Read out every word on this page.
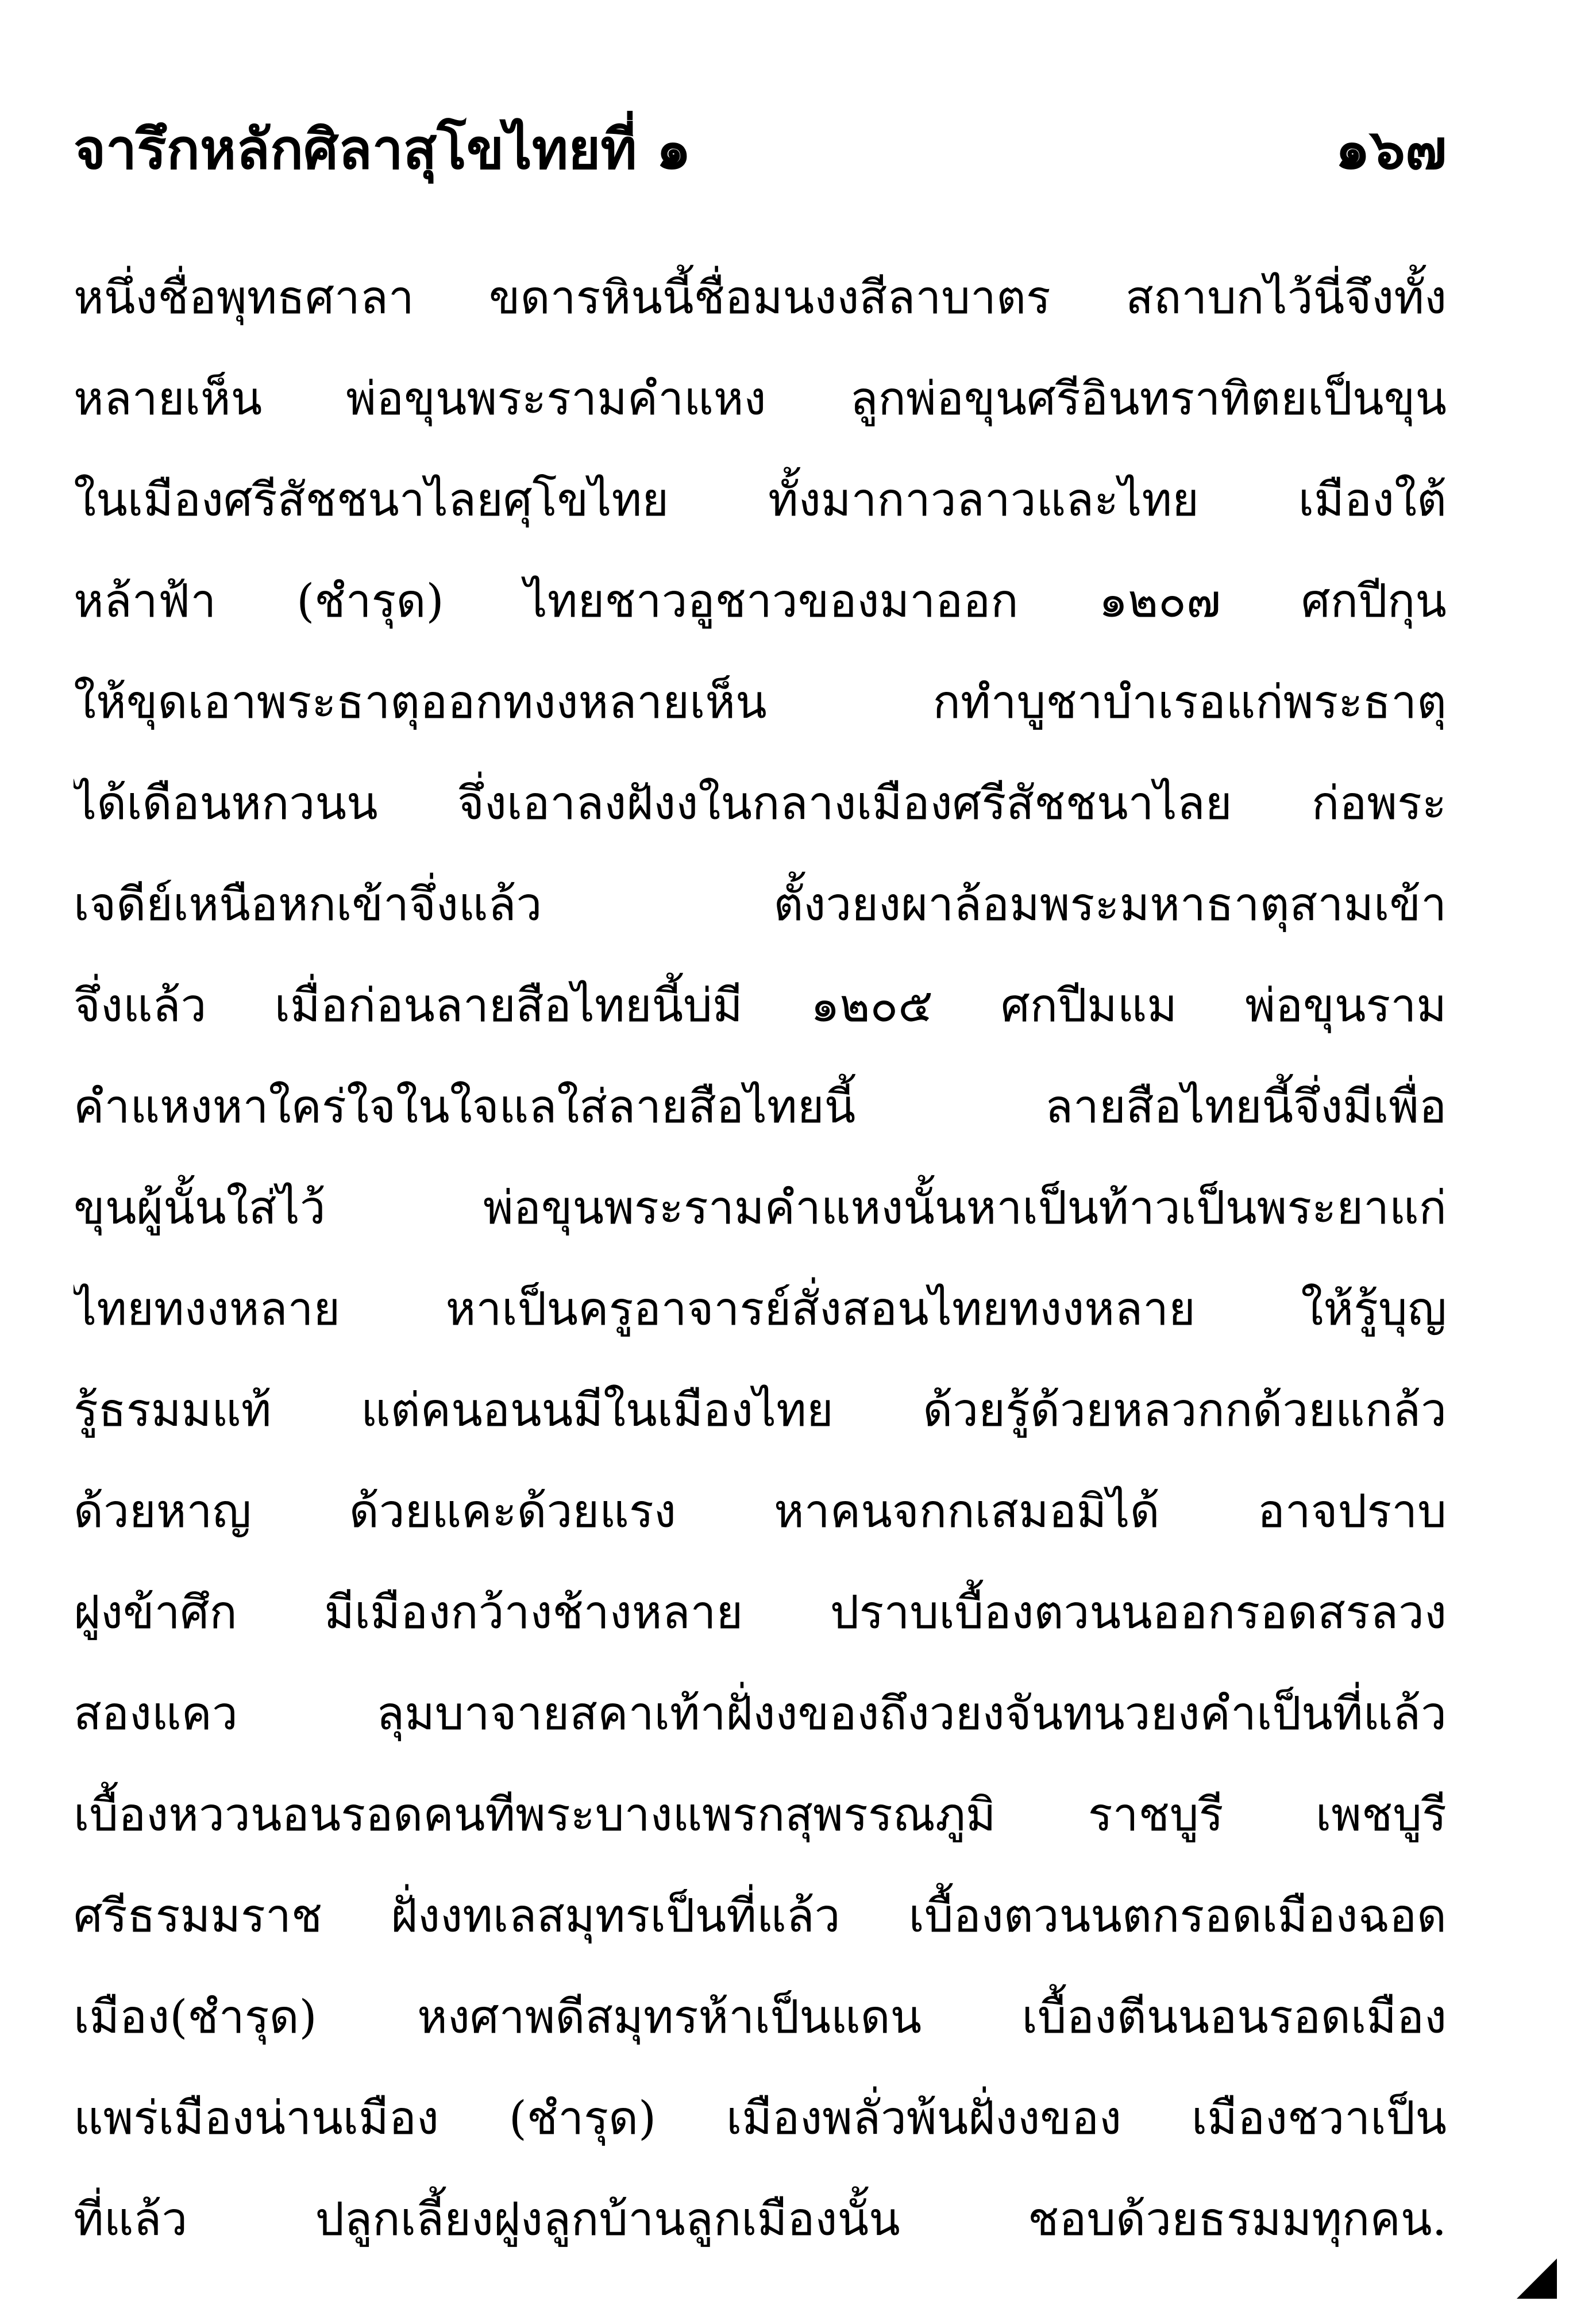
จารึกหลักศิลาสุโขไทยที่ ๑	๑๖๗
หนึ่งชื่อพุทธศาลา ขดารหินนี้ชื่อมนงงสีลาบาตร สถาบกไว้นี่จึงทั้ง
หลายเห็น พ่อขุนพระรามคำแหง ลูกพ่อขุนศรีอินทราทิตยเป็นขุน
ในเมืองศรีสัชชนาไลยศุโขไทย ทั้งมากาวลาวและไทย เมืองใต้
หล้าฟ้า (ชำรุด) ไทยชาวอูชาวของมาออก ๑๒๐๗ ศกปีกุน
ให้ขุดเอาพระธาตุออกทงงหลายเห็น กทำบูชาบำเรอแก่พระธาตุ
ได้เดือนหกวนน จึ่งเอาลงฝังงในกลางเมืองศรีสัชชนาไลย ก่อพระ
เจดีย์เหนือหกเข้าจึ่งแล้ว ตั้งวยงผาล้อมพระมหาธาตุสามเข้า
จึ่งแล้ว เมื่อก่อนลายสือไทยนี้บ่มี ๑๒๐๕ ศกปีมแม พ่อขุนราม
คำแหงหาใคร่ใจในใจแลใส่ลายสือไทยนี้ ลายสือไทยนี้จึ่งมีเพื่อ
ขุนผู้นั้นใส่ไว้ พ่อขุนพระรามคำแหงนั้นหาเป็นท้าวเป็นพระยาแก่
ไทยทงงหลาย หาเป็นครูอาจารย์สั่งสอนไทยทงงหลาย ให้รู้บุญ
รู้ธรมมแท้ แต่คนอนนมีในเมืองไทย ด้วยรู้ด้วยหลวกกด้วยแกล้ว
ด้วยหาญ ด้วยแคะด้วยแรง หาคนจกกเสมอมิได้ อาจปราบ
ฝูงข้าศึก มีเมืองกว้างช้างหลาย ปราบเบื้องตวนนออกรอดสรลวง
สองแคว ลุมบาจายสคาเท้าฝั่งงของถึงวยงจันทนวยงคำเป็นที่แล้ว
เบื้องหววนอนรอดคนทีพระบางแพรกสุพรรณภูมิ ราชบูรี เพชบูรี
ศรีธรมมราช ฝั่งงทเลสมุทรเป็นที่แล้ว เบื้องตวนนตกรอดเมืองฉอด
เมือง(ชำรุด) หงศาพดีสมุทรห้าเป็นแดน เบื้องตีนนอนรอดเมือง
แพร่เมืองน่านเมือง (ชำรุด) เมืองพลั่วพ้นฝั่งงของ เมืองชวาเป็น
ที่แล้ว ปลูกเลี้ยงฝูงลูกบ้านลูกเมืองนั้น ชอบด้วยธรมมทุกคน.
